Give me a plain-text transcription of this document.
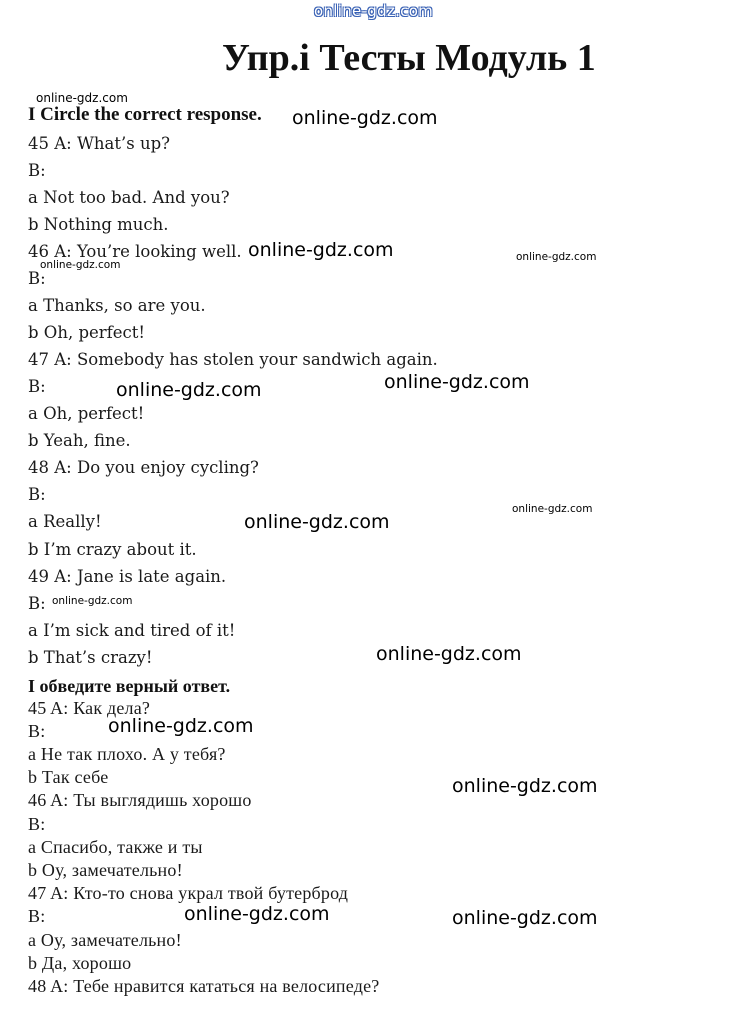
online-gdz.com
Упр.i Тесты Модуль 1
I Circle the correct response.
45 A: What’s up?
B:
a Not too bad. And you?
b Nothing much.
46 A: You’re looking well.
B:
a Thanks, so are you.
b Oh, perfect!
47 A: Somebody has stolen your sandwich again.
B:
a Oh, perfect!
b Yeah, fine.
48 A: Do you enjoy cycling?
B:
a Really!
b I’m crazy about it.
49 A: Jane is late again.
B:
a I’m sick and tired of it!
b That’s crazy!
I обведите верный ответ.
45 A: Как дела?
B:
a Не так плохо. А у тебя?
b Так себе
46 A: Ты выглядишь хорошо
B:
a Спасибо, также и ты
b Оу, замечательно!
47 A: Кто-то снова украл твой бутерброд
B:
a Оу, замечательно!
b Да, хорошо
48 A: Тебе нравится кататься на велосипеде?
online-gdz.com
online-gdz.com
online-gdz.com
online-gdz.com
online-gdz.com
online-gdz.com
online-gdz.com
online-gdz.com
online-gdz.com
online-gdz.com
online-gdz.com
online-gdz.com
online-gdz.com
online-gdz.com	online-gdz.com
